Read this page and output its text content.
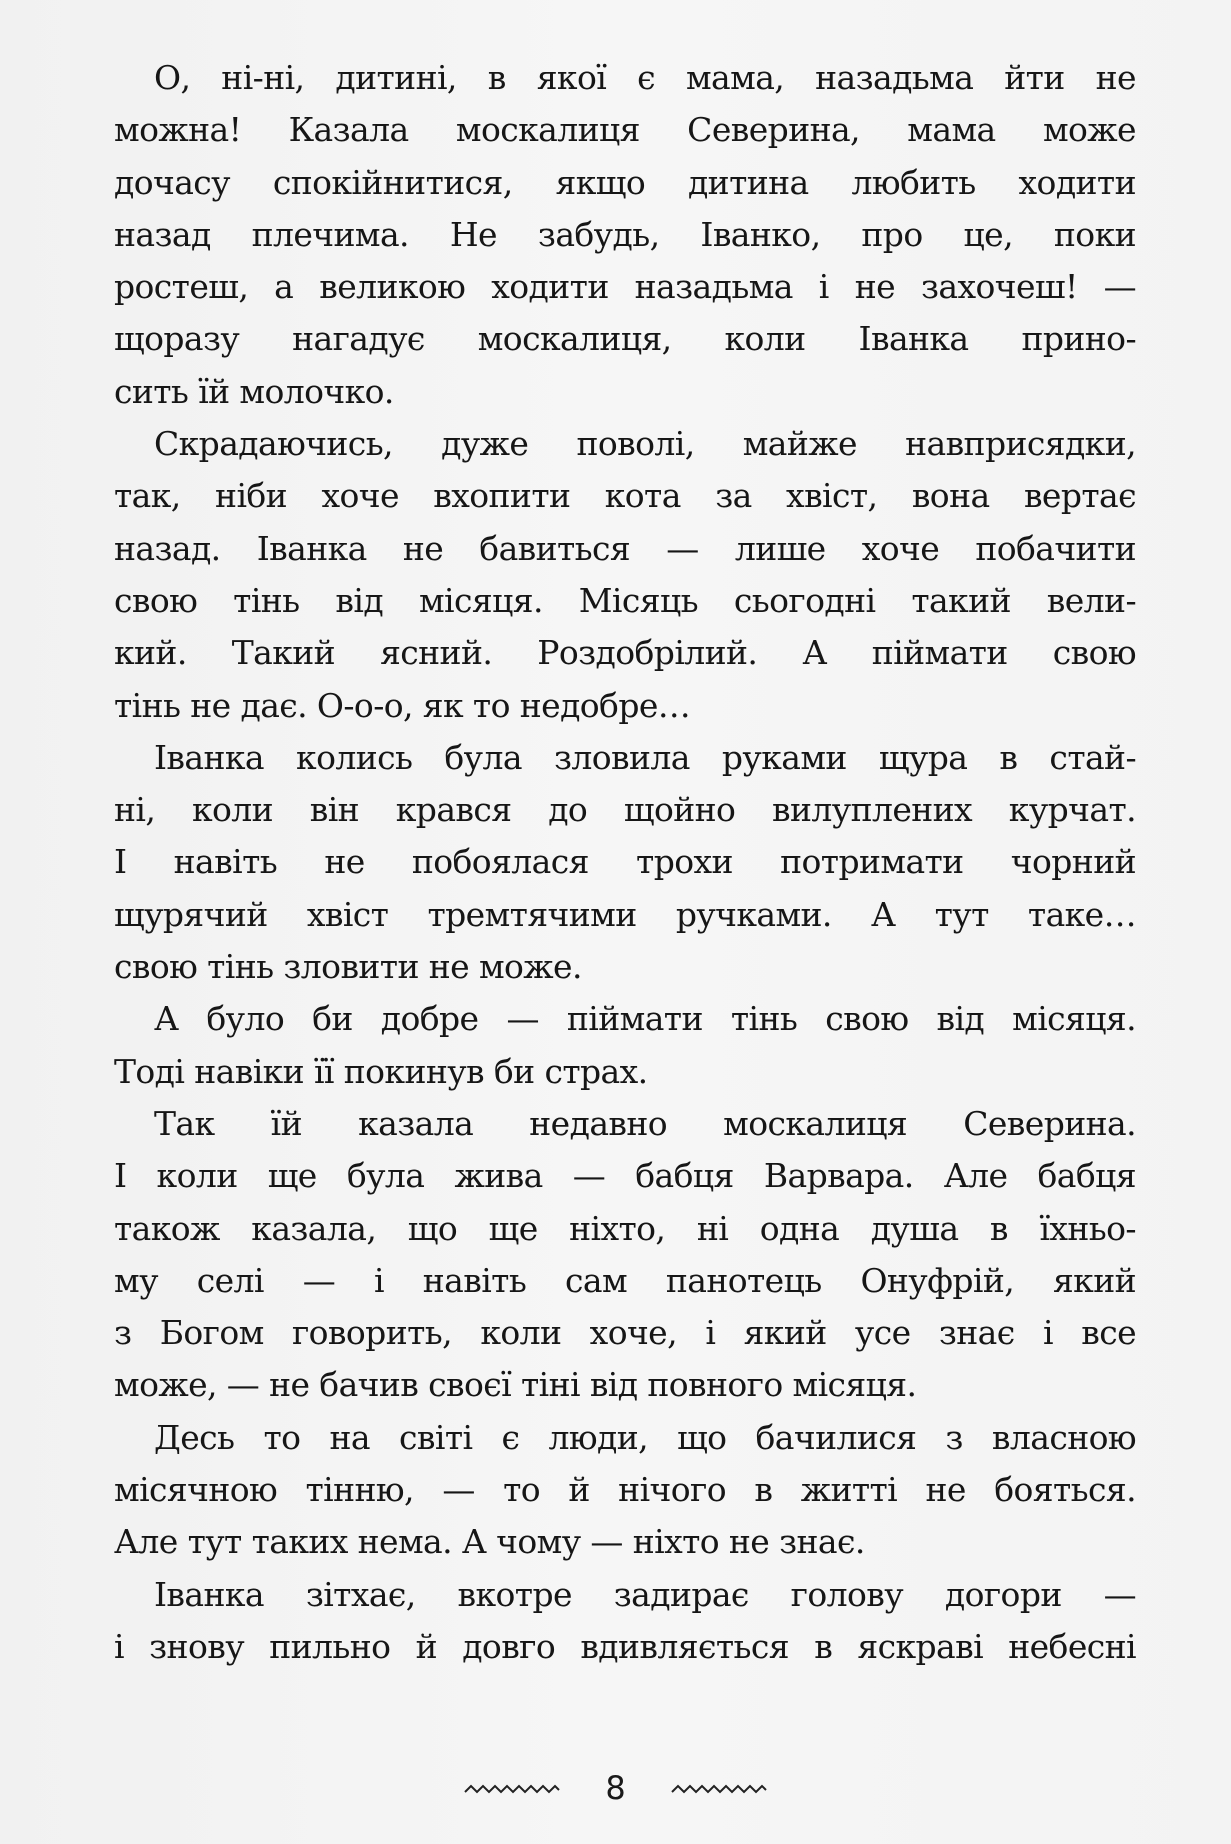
О, ні-ні, дитині, в якої є мама, назадьма йти не
можна! Казала москалиця Северина, мама може
дочасу спокійнитися, якщо дитина любить ходити
назад плечима. Не забудь, Іванко, про це, поки
ростеш, а великою ходити назадьма і не захочеш! —
щоразу нагадує москалиця, коли Іванка прино-
сить їй молочко.
Скрадаючись, дуже поволі, майже навприсядки,
так, ніби хоче вхопити кота за хвіст, вона вертає
назад. Іванка не бавиться — лише хоче побачити
свою тінь від місяця. Місяць сьогодні такий вели-
кий. Такий ясний. Роздобрілий. А піймати свою
тінь не дає. О-о-о, як то недобре…
Іванка колись була зловила руками щура в стай-
ні, коли він крався до щойно вилуплених курчат.
І навіть не побоялася трохи потримати чорний
щурячий хвіст тремтячими ручками. А тут таке…
свою тінь зловити не може.
А було би добре — піймати тінь свою від місяця.
Тоді навіки її покинув би страх.
Так їй казала недавно москалиця Северина.
І коли ще була жива — бабця Варвара. Але бабця
також казала, що ще ніхто, ні одна душа в їхньо-
му селі — і навіть сам панотець Онуфрій, який
з Богом говорить, коли хоче, і який усе знає і все
може, — не бачив своєї тіні від повного місяця.
Десь то на світі є люди, що бачилися з власною
місячною тінню, — то й нічого в житті не бояться.
Але тут таких нема. А чому — ніхто не знає.
Іванка зітхає, вкотре задирає голову догори —
і знову пильно й довго вдивляється в яскраві небесні
8
